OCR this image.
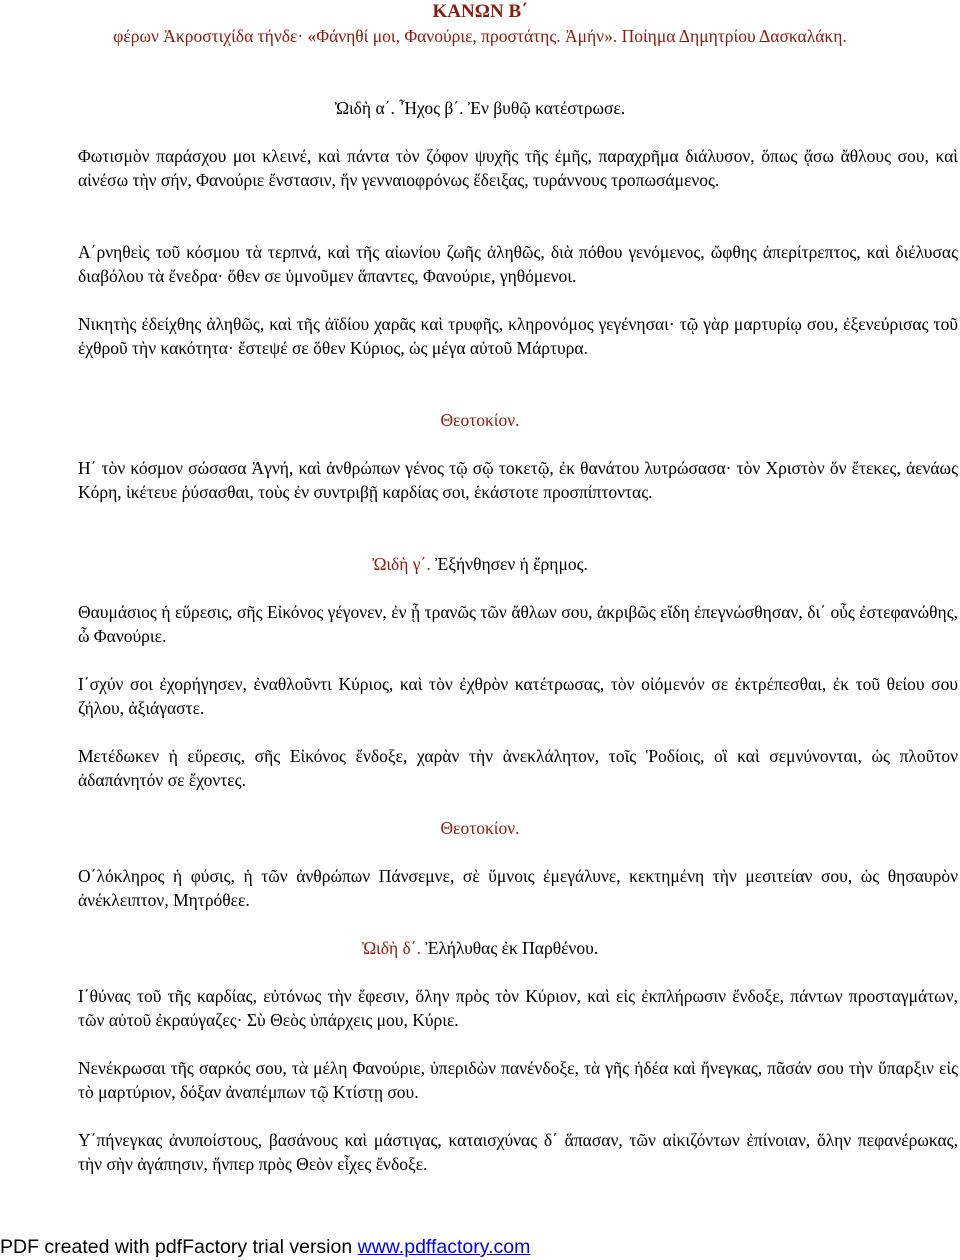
ΚΑΝΩΝ Β΄
φέρων Ἀκροστιχίδα τήνδε· «Φάνηθί μοι, Φανούριε, προστάτης. Ἀμήν». Ποίημα Δημητρίου Δασκαλάκη.
Ὠιδὴ α΄. Ἦχος β΄. Ἐν βυθῷ κατέστρωσε.

Φωτισμὸν παράσχου μοι κλεινέ, καὶ πάντα τὸν ζόφον ψυχῆς τῆς ἐμῆς, παραχρῆμα διάλυσον, ὅπως ᾄσω ἄθλους σου, καὶ αἰνέσω τὴν σήν, Φανούριε ἔνστασιν, ἥν γενναιοφρόνως ἔδειξας, τυράννους τροπωσάμενος.

Α΄ρνηθεὶς τοῦ κόσμου τὰ τερπνά, καὶ τῆς αἰωνίου ζωῆς ἀληθῶς, διὰ πόθου γενόμενος, ὤφθης ἀπερίτρεπτος, καὶ διέλυσας διαβόλου τὰ ἔνεδρα· ὅθεν σε ὑμνοῦμεν ἅπαντες, Φανούριε, γηθόμενοι.

Νικητὴς ἐδείχθης ἀληθῶς, καὶ τῆς ἀϊδίου χαρᾶς καὶ τρυφῆς, κληρονόμος γεγένησαι· τῷ γὰρ μαρτυρίῳ σου, ἐξενεύρισας τοῦ ἐχθροῦ τὴν κακότητα· ἔστεψέ σε ὅθεν Κύριος, ὡς μέγα αὐτοῦ Μάρτυρα.

Θεοτοκίον.

Η΄ τὸν κόσμον σώσασα Ἁγνή, καὶ ἀνθρώπων γένος τῷ σῷ τοκετῷ, ἐκ θανάτου λυτρώσασα· τὸν Χριστὸν ὅν ἔτεκες, ἀενάως Κόρη, ἱκέτευε ῥύσασθαι, τοὺς ἐν συντριβῇ καρδίας σοι, ἑκάστοτε προσπίπτοντας.

Ὠιδὴ γ΄. Ἐξήνθησεν ἡ ἔρημος.

Θαυμάσιος ἡ εὕρεσις, σῆς Εἰκόνος γέγονεν, ἐν ᾗ τρανῶς τῶν ἄθλων σου, ἀκριβῶς εἴδη ἐπεγνώσθησαν, δι΄ οὗς ἐστεφανώθης, ὦ Φανούριε.

Ι΄σχύν σοι ἐχορήγησεν, ἐναθλοῦντι Κύριος, καὶ τὸν ἐχθρὸν κατέτρωσας, τὸν οἰόμενόν σε ἐκτρέπεσθαι, ἐκ τοῦ θείου σου ζήλου, ἀξιάγαστε.

Μετέδωκεν ἡ εὕρεσις, σῆς Εἰκόνος ἔνδοξε, χαρὰν τὴν ἀνεκλάλητον, τοῖς Ῥοδίοις, οἳ καὶ σεμνύνονται, ὡς πλοῦτον ἀδαπάνητόν σε ἔχοντες.

Θεοτοκίον.

Ο΄λόκληρος ἡ φύσις, ἡ τῶν ἀνθρώπων Πάνσεμνε, σὲ ὕμνοις ἐμεγάλυνε, κεκτημένη τὴν μεσιτείαν σου, ὡς θησαυρὸν ἀνέκλειπτον, Μητρόθεε.

Ὠιδὴ δ΄. Ἐλήλυθας ἐκ Παρθένου.

Ι΄θύνας τοῦ τῆς καρδίας, εὐτόνως τὴν ἔφεσιν, ὅλην πρὸς τὸν Κύριον, καὶ εἰς ἐκπλήρωσιν ἔνδοξε, πάντων προσταγμάτων, τῶν αὐτοῦ ἐκραύγαζες· Σὺ Θεὸς ὑπάρχεις μου, Κύριε.

Νενέκρωσαι τῆς σαρκός σου, τὰ μέλη Φανούριε, ὑπεριδὼν πανένδοξε, τὰ γῆς ἡδέα καὶ ἤνεγκας, πᾶσάν σου τὴν ὕπαρξιν εἰς τὸ μαρτύριον, δόξαν ἀναπέμπων τῷ Κτίστῃ σου.

Υ΄πήνεγκας ἀνυποίστους, βασάνους καὶ μάστιγας, καταισχύνας δ΄ ἅπασαν, τῶν αἰκιζόντων ἐπίνοιαν, ὅλην πεφανέρωκας, τὴν σὴν ἀγάπησιν, ἥνπερ πρὸς Θεὸν εἶχες ἔνδοξε.

PDF created with pdfFactory trial version www.pdffactory.com
